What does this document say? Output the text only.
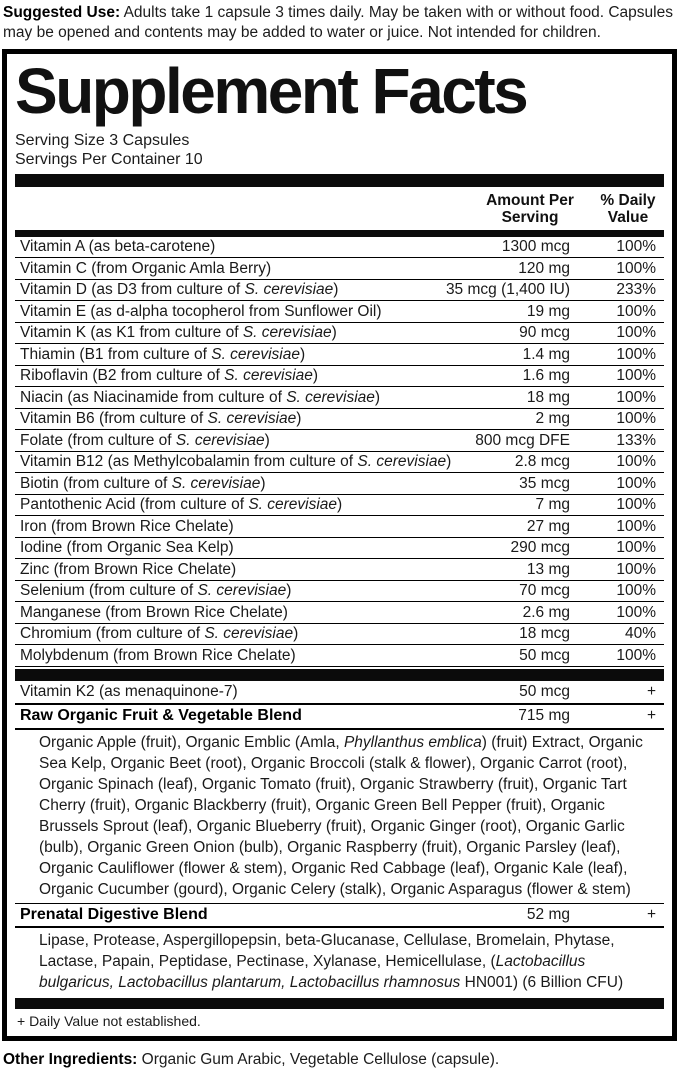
Suggested Use: Adults take 1 capsule 3 times daily. May be taken with or without food. Capsules may be opened and contents may be added to water or juice. Not intended for children.

Supplement Facts
Serving Size 3 Capsules
Servings Per Container 10
Amount Per Serving
% Daily Value
Vitamin A (as beta-carotene)	1300 mcg	100%
Vitamin C (from Organic Amla Berry)	120 mg	100%
Vitamin D (as D3 from culture of S. cerevisiae)	35 mcg (1,400 IU)	233%
Vitamin E (as d-alpha tocopherol from Sunflower Oil)	19 mg	100%
Vitamin K (as K1 from culture of S. cerevisiae)	90 mcg	100%
Thiamin (B1 from culture of S. cerevisiae)	1.4 mg	100%
Riboflavin (B2 from culture of S. cerevisiae)	1.6 mg	100%
Niacin (as Niacinamide from culture of S. cerevisiae)	18 mg	100%
Vitamin B6 (from culture of S. cerevisiae)	2 mg	100%
Folate (from culture of S. cerevisiae)	800 mcg DFE	133%
Vitamin B12 (as Methylcobalamin from culture of S. cerevisiae)	2.8 mcg	100%
Biotin (from culture of S. cerevisiae)	35 mcg	100%
Pantothenic Acid (from culture of S. cerevisiae)	7 mg	100%
Iron (from Brown Rice Chelate)	27 mg	100%
Iodine (from Organic Sea Kelp)	290 mcg	100%
Zinc (from Brown Rice Chelate)	13 mg	100%
Selenium (from culture of S. cerevisiae)	70 mcg	100%
Manganese (from Brown Rice Chelate)	2.6 mg	100%
Chromium (from culture of S. cerevisiae)	18 mcg	40%
Molybdenum (from Brown Rice Chelate)	50 mcg	100%
Vitamin K2 (as menaquinone-7)	50 mcg	+
Raw Organic Fruit & Vegetable Blend	715 mg	+
Organic Apple (fruit), Organic Emblic (Amla, Phyllanthus emblica) (fruit) Extract, Organic Sea Kelp, Organic Beet (root), Organic Broccoli (stalk & flower), Organic Carrot (root), Organic Spinach (leaf), Organic Tomato (fruit), Organic Strawberry (fruit), Organic Tart Cherry (fruit), Organic Blackberry (fruit), Organic Green Bell Pepper (fruit), Organic Brussels Sprout (leaf), Organic Blueberry (fruit), Organic Ginger (root), Organic Garlic (bulb), Organic Green Onion (bulb), Organic Raspberry (fruit), Organic Parsley (leaf), Organic Cauliflower (flower & stem), Organic Red Cabbage (leaf), Organic Kale (leaf), Organic Cucumber (gourd), Organic Celery (stalk), Organic Asparagus (flower & stem)
Prenatal Digestive Blend	52 mg	+
Lipase, Protease, Aspergillopepsin, beta-Glucanase, Cellulase, Bromelain, Phytase, Lactase, Papain, Peptidase, Pectinase, Xylanase, Hemicellulase, (Lactobacillus bulgaricus, Lactobacillus plantarum, Lactobacillus rhamnosus HN001) (6 Billion CFU)
+ Daily Value not established.

Other Ingredients: Organic Gum Arabic, Vegetable Cellulose (capsule).
